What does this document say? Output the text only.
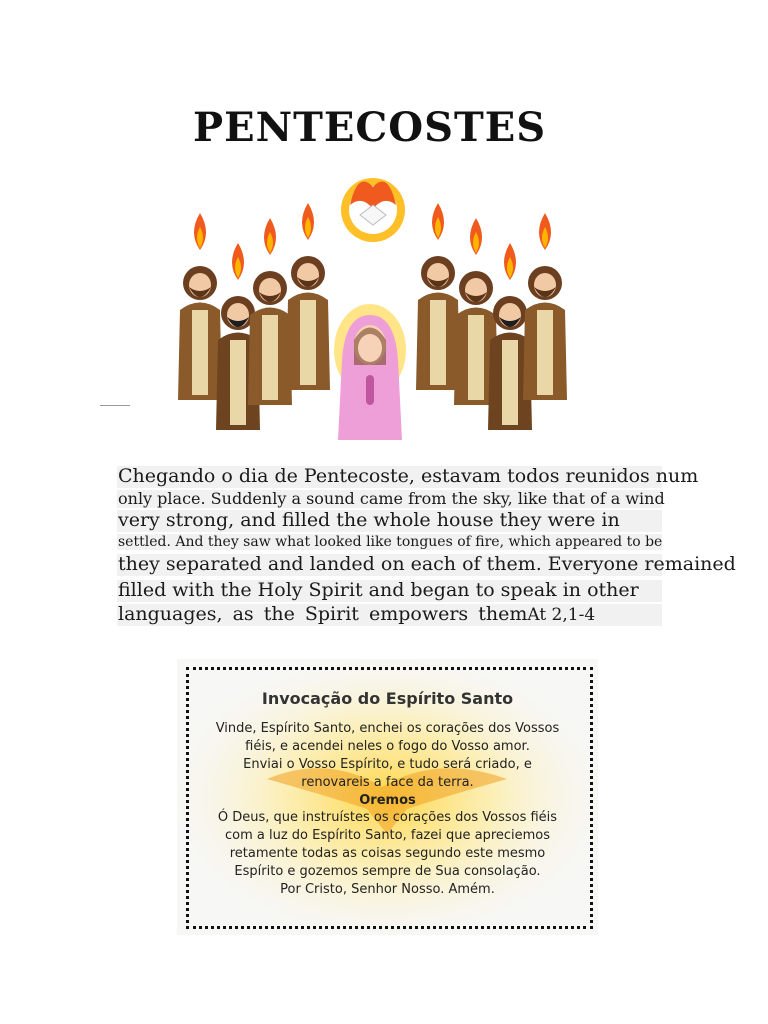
PENTECOSTES
Chegando o dia de Pentecoste, estavam todos reunidos num
only place. Suddenly a sound came from the sky, like that of a wind
very strong, and filled the whole house they were in
settled. And they saw what looked like tongues of fire, which appeared to be
they separated and landed on each of them. Everyone remained
filled with the Holy Spirit and began to speak in other
languages, as the Spirit empowers themAt 2,1-4
Invocação do Espírito Santo
Vinde, Espírito Santo, enchei os corações dos Vossos
fiéis, e acendei neles o fogo do Vosso amor.
Enviai o Vosso Espírito, e tudo será criado, e
renovareis a face da terra.
Oremos
Ó Deus, que instruístes os corações dos Vossos fiéis
com a luz do Espírito Santo, fazei que apreciemos
retamente todas as coisas segundo este mesmo
Espírito e gozemos sempre de Sua consolação.
Por Cristo, Senhor Nosso. Amém.
